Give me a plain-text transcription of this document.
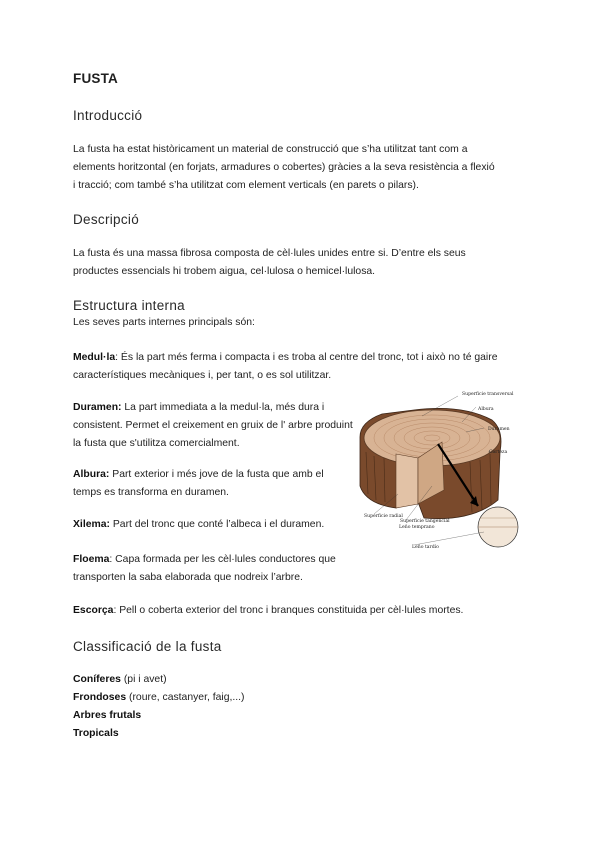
FUSTA
Introducció
La fusta ha estat històricament un material de construcció que s’ha utilitzat tant com a
elements horitzontal (en forjats, armadures o cobertes) gràcies a la seva resistència a flexió
i tracció; com també s’ha utilitzat com element verticals (en parets o pilars).
Descripció
La fusta és una massa fibrosa composta de cèl·lules unides entre si. D’entre els seus
productes essencials hi trobem aigua, cel·lulosa o hemicel·lulosa.
Estructura interna
Les seves parts internes principals són:
Medul·la: És la part més ferma i compacta i es troba al centre del tronc, tot i això no té gaire
característiques mecàniques i, per tant, o es sol utilitzar.
Duramen: La part immediata a la medul·la, més dura i
consistent. Permet el creixement en gruix de l' arbre produint
la fusta que s'utilitza comercialment.
Albura: Part exterior i més jove de la fusta que amb el
temps es transforma en duramen.
Xilema: Part del tronc que conté l’albeca i el duramen.
Floema: Capa formada per les cèl·lules conductores que
transporten la saba elaborada que nodreix l’arbre.
Escorça: Pell o coberta exterior del tronc i branques constituida per cèl·lules mortes.
Classificació de la fusta
Coníferes (pi i avet)
Frondoses (roure, castanyer, faig,...)
Arbres frutals
Tropicals
Superficie transversal
Albura
Duramen
Corteza
Superficie radial
Superficie tangencial
Leño temprano
Leño tardío
